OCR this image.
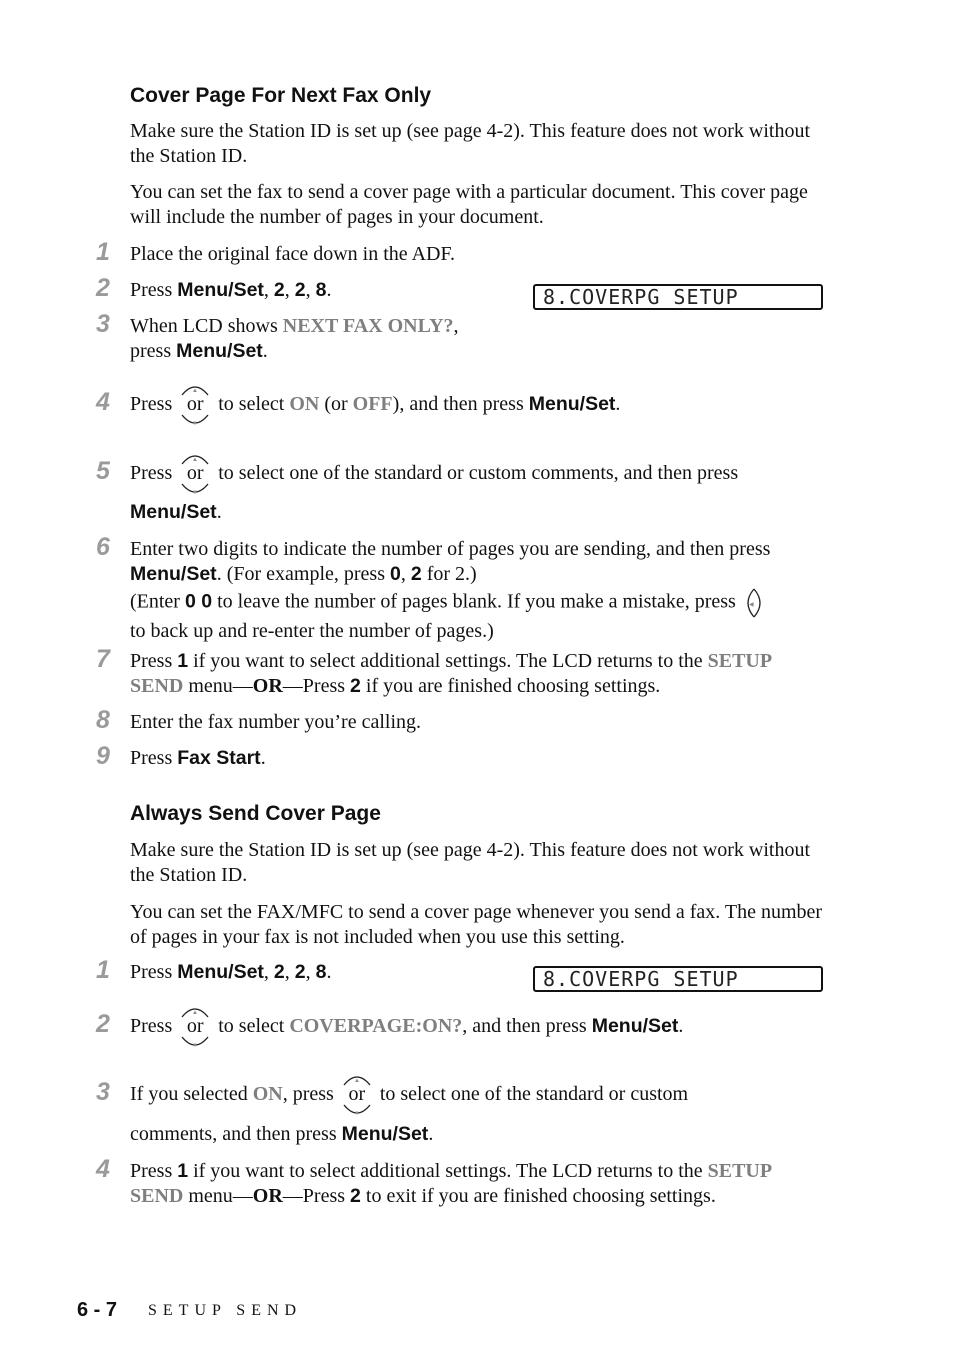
Cover Page For Next Fax Only
Make sure the Station ID is set up (see page 4-2). This feature does not work without the Station ID.
You can set the fax to send a cover page with a particular document. This cover page will include the number of pages in your document.
1	Place the original face down in the ADF.
2	Press Menu/Set, 2, 2, 8.	8.COVERPG SETUP
3	When LCD shows NEXT FAX ONLY?,
press Menu/Set.
4	Press
▲
▼
or to select ON (or OFF), and then press Menu/Set.
5	Press
▲
▼
or to select one of the standard or custom comments, and then press
Menu/Set.
6	Enter two digits to indicate the number of pages you are sending, and then press
Menu/Set. (For example, press 0, 2 for 2.)
(Enter 0 0 to leave the number of pages blank. If you make a mistake, press ◀

to back up and re-enter the number of pages.)
7	Press 1 if you want to select additional settings. The LCD returns to the SETUP
SEND menu—OR—Press 2 if you are finished choosing settings.
8	Enter the fax number you’re calling.
9	Press Fax Start.
Always Send Cover Page
Make sure the Station ID is set up (see page 4-2). This feature does not work without the Station ID.
You can set the FAX/MFC to send a cover page whenever you send a fax. The number of pages in your fax is not included when you use this setting.
1	Press Menu/Set, 2, 2, 8.	8.COVERPG SETUP
2	Press
▲
▼
or to select COVERPAGE:ON?, and then press Menu/Set.
3	If you selected ON, press
▲
▼
or to select one of the standard or custom
comments, and then press Menu/Set.
4	Press 1 if you want to select additional settings. The LCD returns to the SETUP
SEND menu—OR—Press 2 to exit if you are finished choosing settings.
6 - 7 SETUP SEND
